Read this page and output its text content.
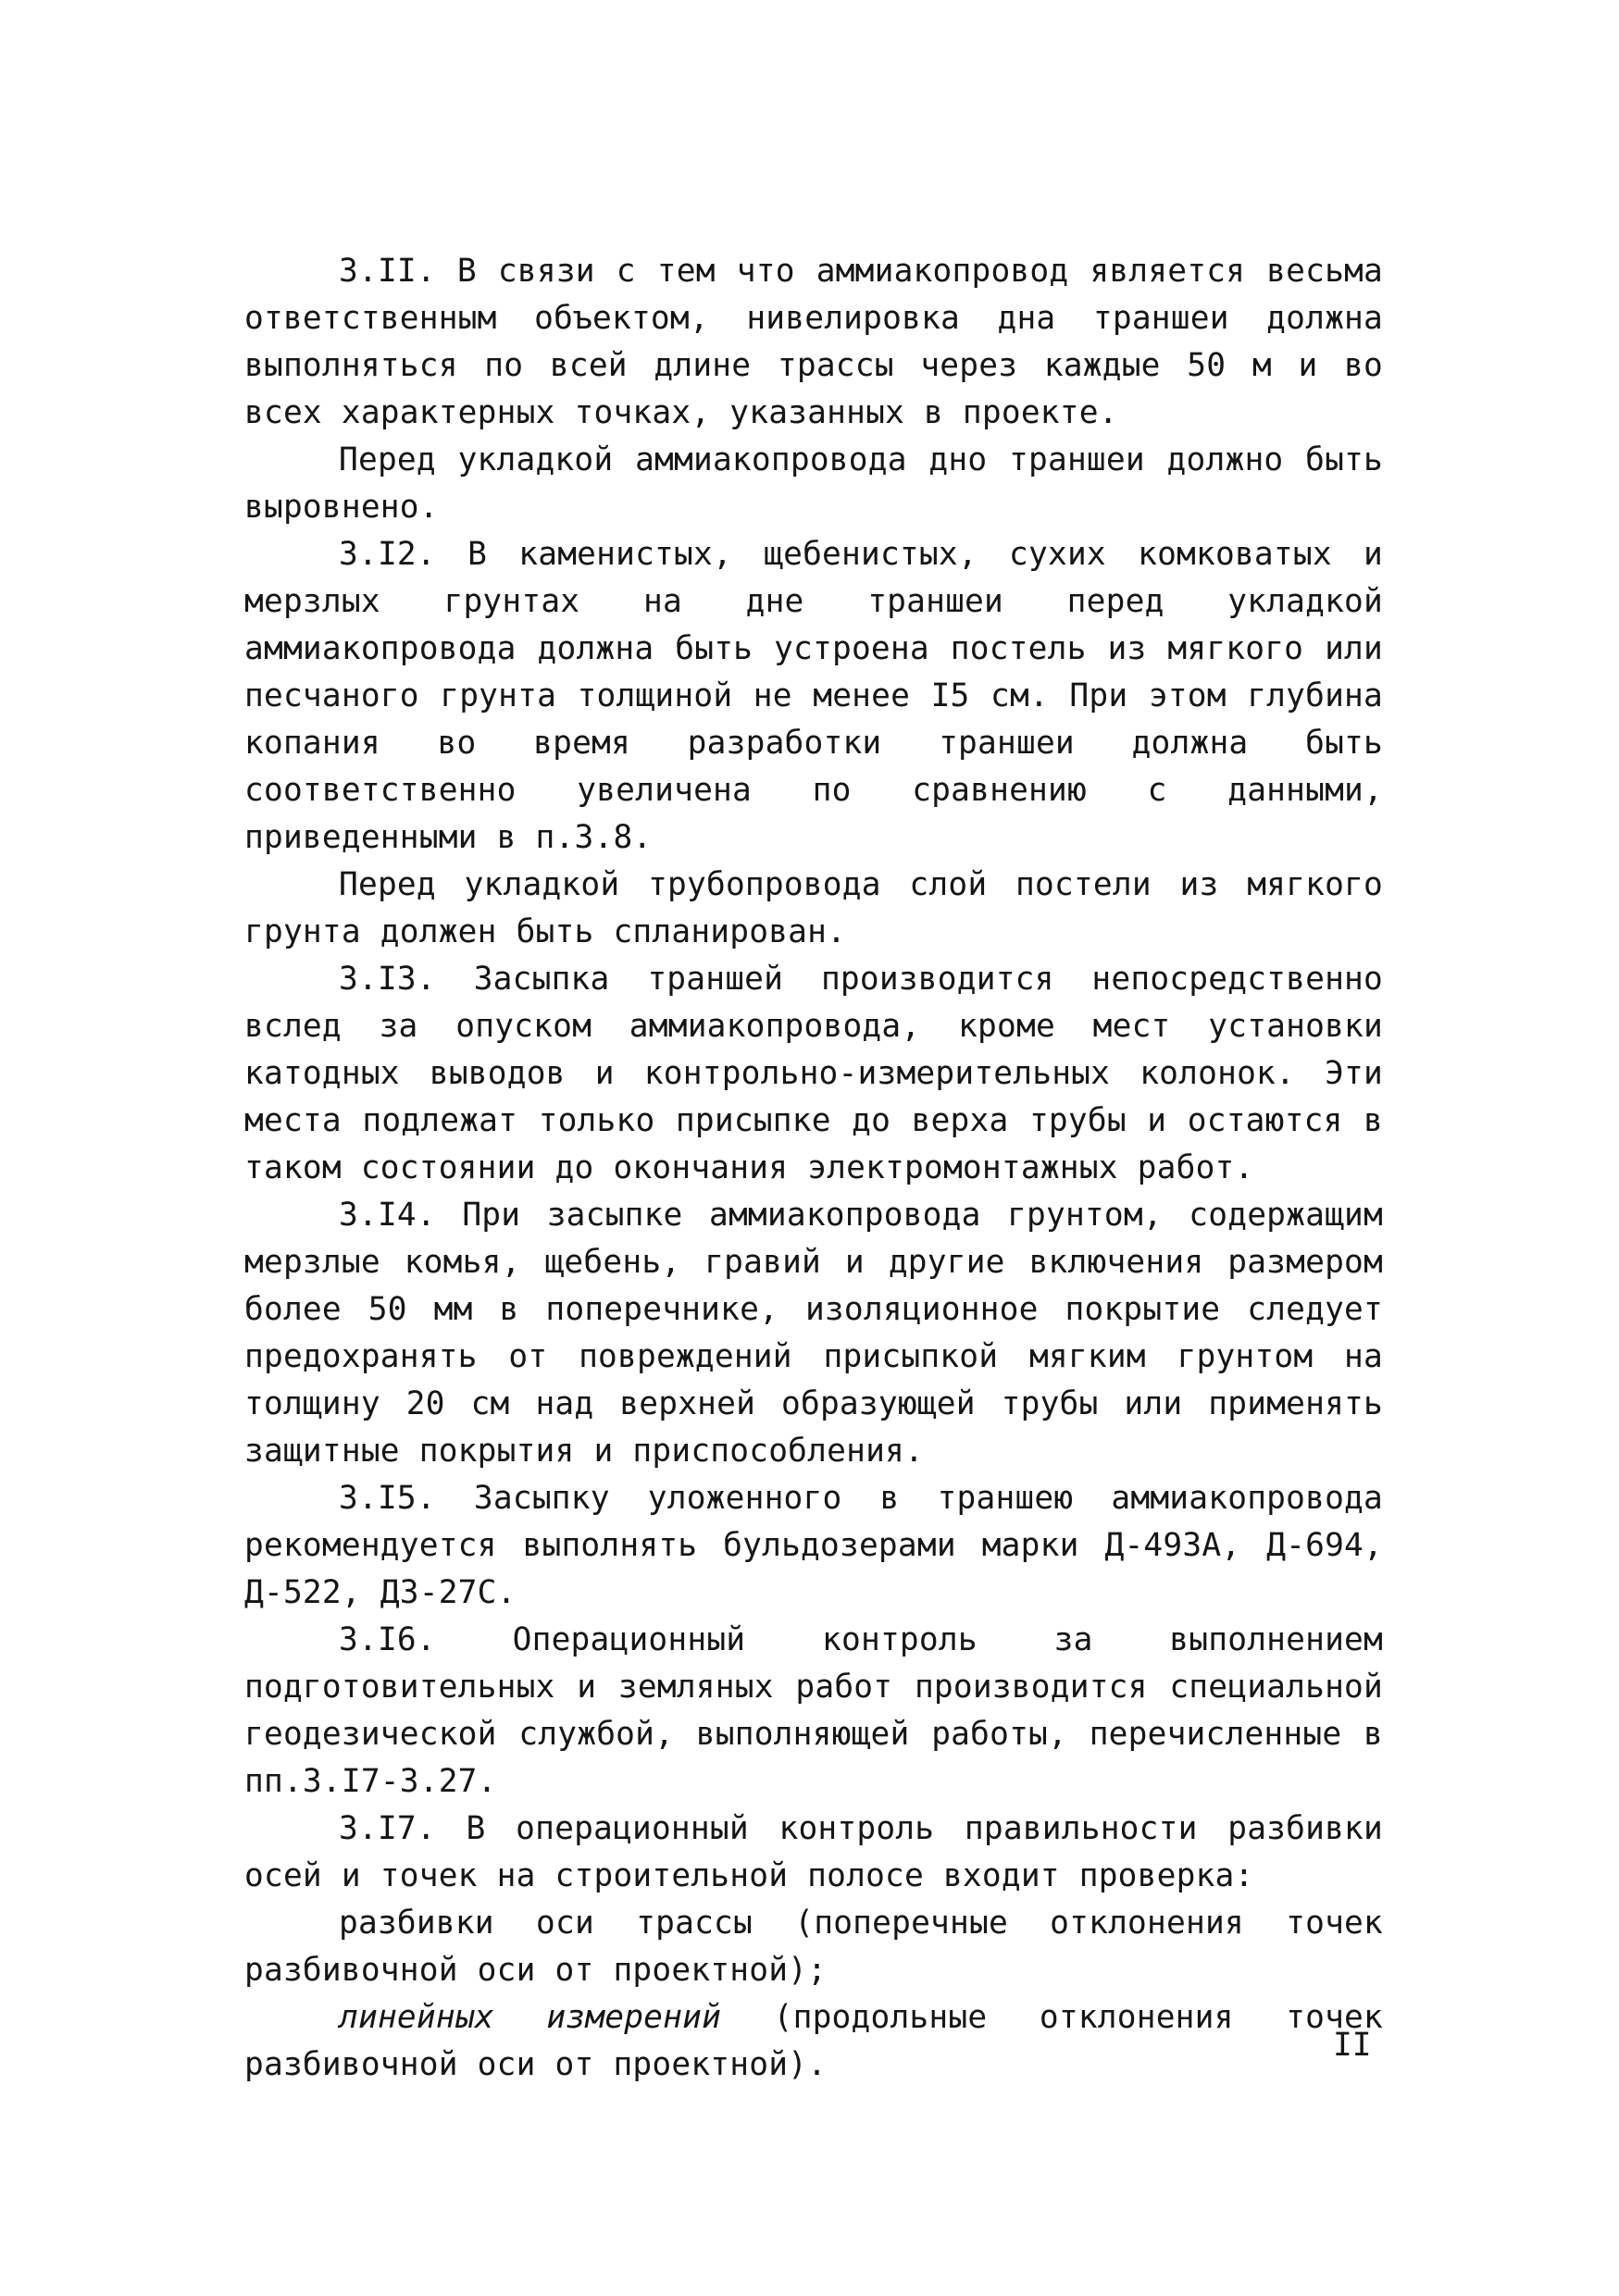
3.II. В связи с тем что аммиакопровод является весьма ответственным объектом, нивелировка дна траншеи должна выполняться по всей длине трассы через каждые 50 м и во всех характерных точках, указанных в проекте.

Перед укладкой аммиакопровода дно траншеи должно быть выровнено.

3.I2. В каменистых, щебенистых, сухих комковатых и мерзлых грунтах на дне траншеи перед укладкой аммиакопровода должна быть устроена постель из мягкого или песчаного грунта толщиной не менее I5 см. При этом глубина копания во время разработки траншеи должна быть соответственно увеличена по сравнению с данными, приведенными в п.3.8.

Перед укладкой трубопровода слой постели из мягкого грунта должен быть спланирован.

3.I3. Засыпка траншей производится непосредственно вслед за опуском аммиакопровода, кроме мест установки катодных выводов и контрольно-измерительных колонок. Эти места подлежат только присыпке до верха трубы и остаются в таком состоянии до окончания электромонтажных работ.

3.I4. При засыпке аммиакопровода грунтом, содержащим мерзлые комья, щебень, гравий и другие включения размером более 50 мм в поперечнике, изоляционное покрытие следует предохранять от повреждений присыпкой мягким грунтом на толщину 20 см над верхней образующей трубы или применять защитные покрытия и приспособления.

3.I5. Засыпку уложенного в траншею аммиакопровода рекомендуется выполнять бульдозерами марки Д-493А, Д-694, Д-522, ДЗ-27С.

3.I6. Операционный контроль за выполнением подготовительных и земляных работ производится специальной геодезической службой, выполняющей работы, перечисленные в пп.3.I7-3.27.

3.I7. В операционный контроль правильности разбивки осей и точек на строительной полосе входит проверка:

разбивки оси трассы (поперечные отклонения точек разбивочной оси от проектной);

линейных измерений (продольные отклонения точек разбивочной оси от проектной).

II
